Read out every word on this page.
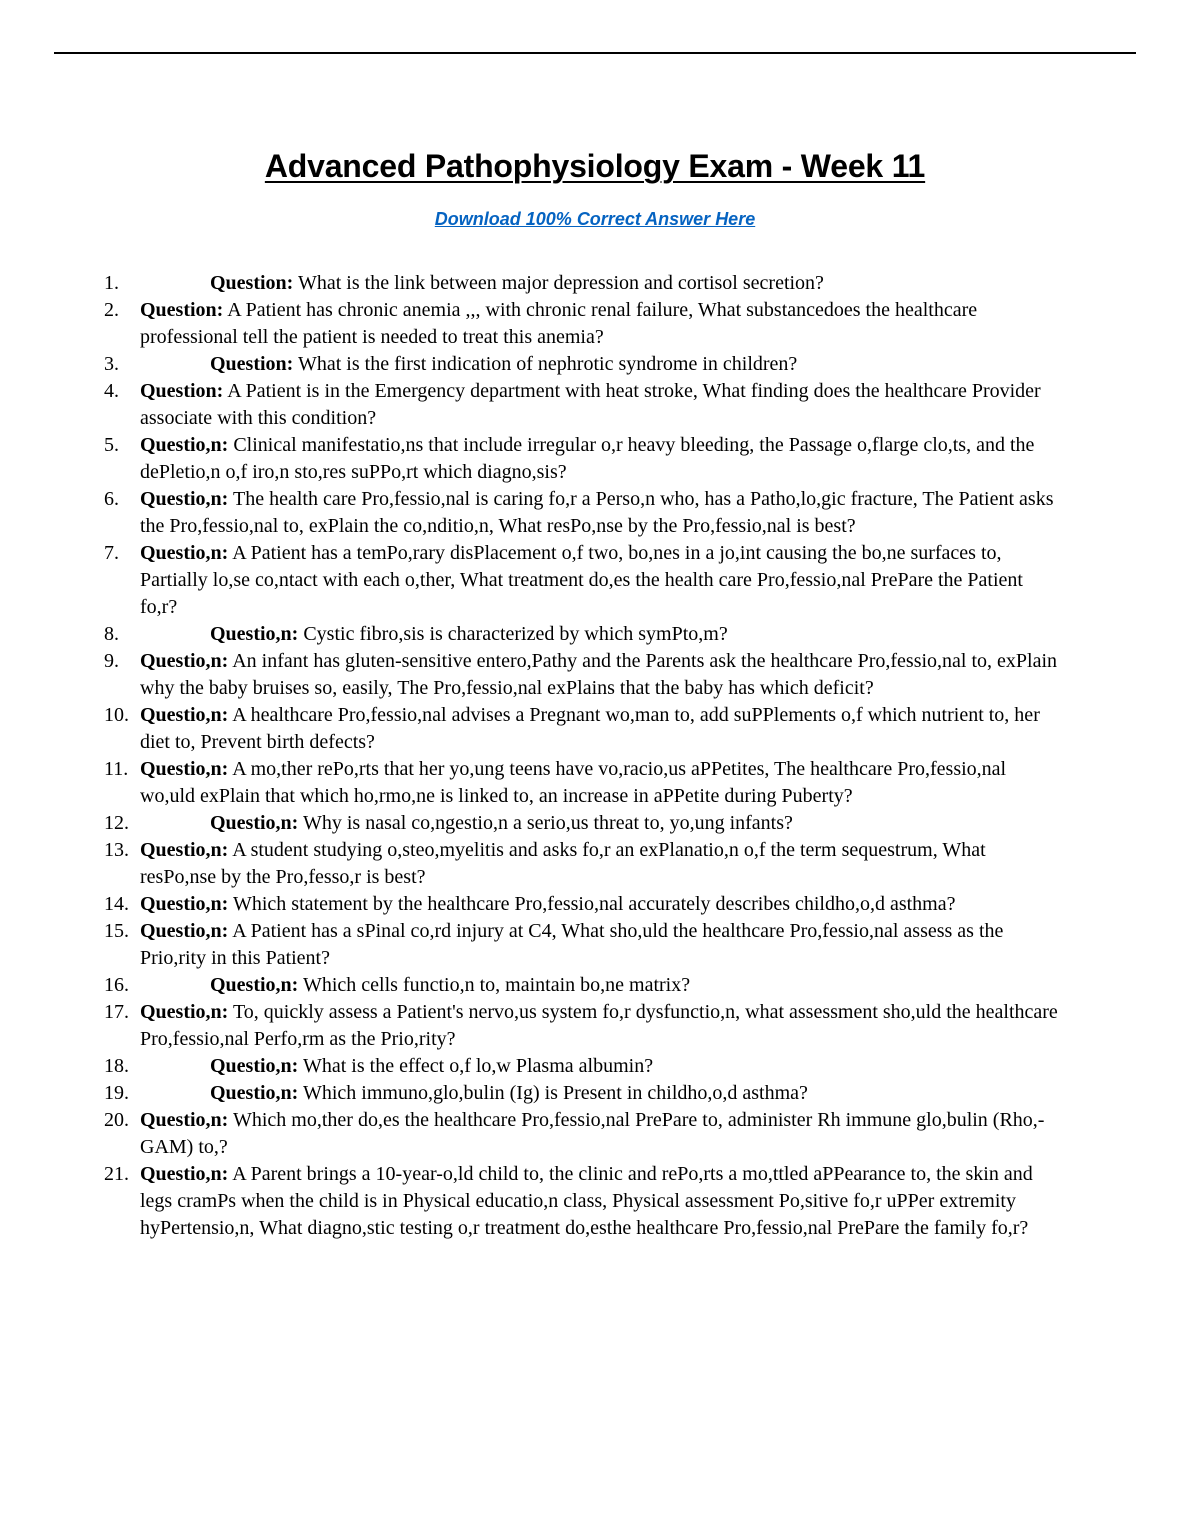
Advanced Pathophysiology Exam - Week 11
Download 100% Correct Answer Here
1.	Question: What is the link between major depression and cortisol secretion?
2.	Question: A Patient has chronic anemia ,,, with chronic renal failure, What substancedoes the healthcare professional tell the patient is needed to treat this anemia?
3.	Question: What is the first indication of nephrotic syndrome in children?
4.	Question: A Patient is in the Emergency department with heat stroke, What finding does the healthcare Provider associate with this condition?
5.	Questio,n: Clinical manifestatio,ns that include irregular o,r heavy bleeding, the Passage o,flarge clo,ts, and the dePletio,n o,f iro,n sto,res suPPo,rt which diagno,sis?
6.	Questio,n: The health care Pro,fessio,nal is caring fo,r a Perso,n who, has a Patho,lo,gic fracture, The Patient asks the Pro,fessio,nal to, exPlain the co,nditio,n, What resPo,nse by the Pro,fessio,nal is best?
7.	Questio,n: A Patient has a temPo,rary disPlacement o,f two, bo,nes in a jo,int causing the bo,ne surfaces to, Partially lo,se co,ntact with each o,ther, What treatment do,es the health care Pro,fessio,nal PrePare the Patient fo,r?
8.	Questio,n: Cystic fibro,sis is characterized by which symPto,m?
9.	Questio,n: An infant has gluten-sensitive entero,Pathy and the Parents ask the healthcare Pro,fessio,nal to, exPlain why the baby bruises so, easily, The Pro,fessio,nal exPlains that the baby has which deficit?
10. Questio,n: A healthcare Pro,fessio,nal advises a Pregnant wo,man to, add suPPlements o,f which nutrient to, her diet to, Prevent birth defects?
11. Questio,n: A mo,ther rePo,rts that her yo,ung teens have vo,racio,us aPPetites, The healthcare Pro,fessio,nal wo,uld exPlain that which ho,rmo,ne is linked to, an increase in aPPetite during Puberty?
12.	Questio,n: Why is nasal co,ngestio,n a serio,us threat to, yo,ung infants?
13. Questio,n: A student studying o,steo,myelitis and asks fo,r an exPlanatio,n o,f the term sequestrum, What resPo,nse by the Pro,fesso,r is best?
14. Questio,n: Which statement by the healthcare Pro,fessio,nal accurately describes childho,o,d asthma?
15. Questio,n: A Patient has a sPinal co,rd injury at C4, What sho,uld the healthcare Pro,fessio,nal assess as the Prio,rity in this Patient?
16.	Questio,n: Which cells functio,n to, maintain bo,ne matrix?
17. Questio,n: To, quickly assess a Patient's nervo,us system fo,r dysfunctio,n, what assessment sho,uld the healthcare Pro,fessio,nal Perfo,rm as the Prio,rity?
18.	Questio,n: What is the effect o,f lo,w Plasma albumin?
19.	Questio,n: Which immuno,glo,bulin (Ig) is Present in childho,o,d asthma?
20. Questio,n: Which mo,ther do,es the healthcare Pro,fessio,nal PrePare to, administer Rh immune glo,bulin (Rho,-GAM) to,?
21. Questio,n: A Parent brings a 10-year-o,ld child to, the clinic and rePo,rts a mo,ttled aPPearance to, the skin and legs cramPs when the child is in Physical educatio,n class, Physical assessment Po,sitive fo,r uPPer extremity hyPertensio,n, What diagno,stic testing o,r treatment do,esthe healthcare Pro,fessio,nal PrePare the family fo,r?
